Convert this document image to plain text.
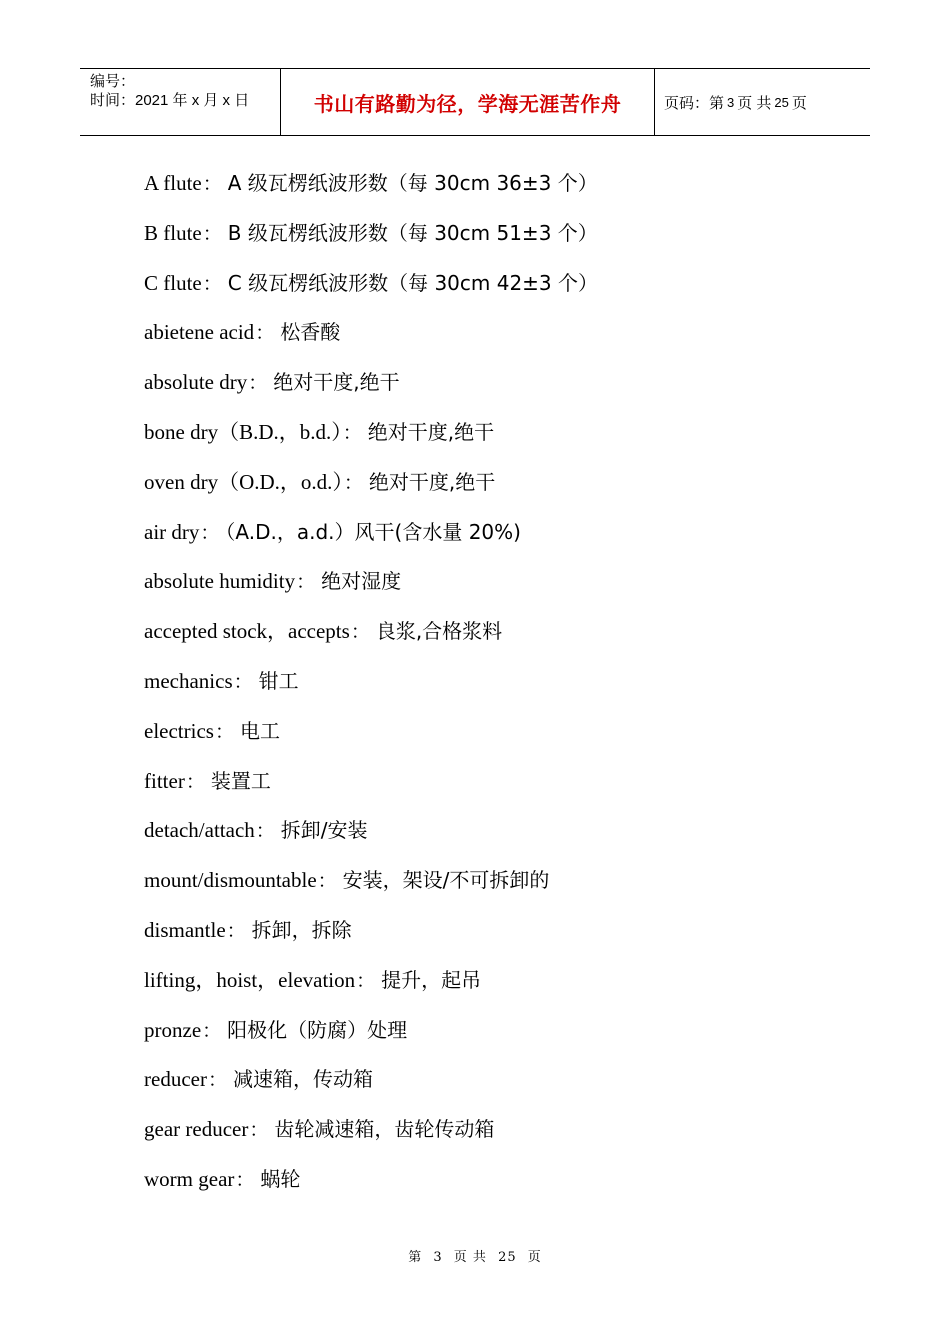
编号：
时间：2021 年 x 月 x 日	书山有路勤为径，学海无涯苦作舟	页码：第 3 页 共 25 页
A flute： A 级瓦楞纸波形数（每 30cm 36±3 个）
B flute： B 级瓦楞纸波形数（每 30cm 51±3 个）
C flute： C 级瓦楞纸波形数（每 30cm 42±3 个）
abietene acid： 松香酸
absolute dry： 绝对干度,绝干
bone dry（B.D.，b.d.）： 绝对干度,绝干
oven dry（O.D.，o.d.）： 绝对干度,绝干
air dry： （A.D.，a.d.）风干(含水量 20%)
absolute humidity： 绝对湿度
accepted stock，accepts： 良浆,合格浆料
mechanics： 钳工
electrics： 电工
fitter： 装置工
detach/attach： 拆卸/安装
mount/dismountable： 安装，架设/不可拆卸的
dismantle： 拆卸，拆除
lifting，hoist，elevation： 提升，起吊
pronze： 阳极化（防腐）处理
reducer： 减速箱，传动箱
gear reducer： 齿轮减速箱，齿轮传动箱
worm gear： 蜗轮
第 3 页 共 25 页
